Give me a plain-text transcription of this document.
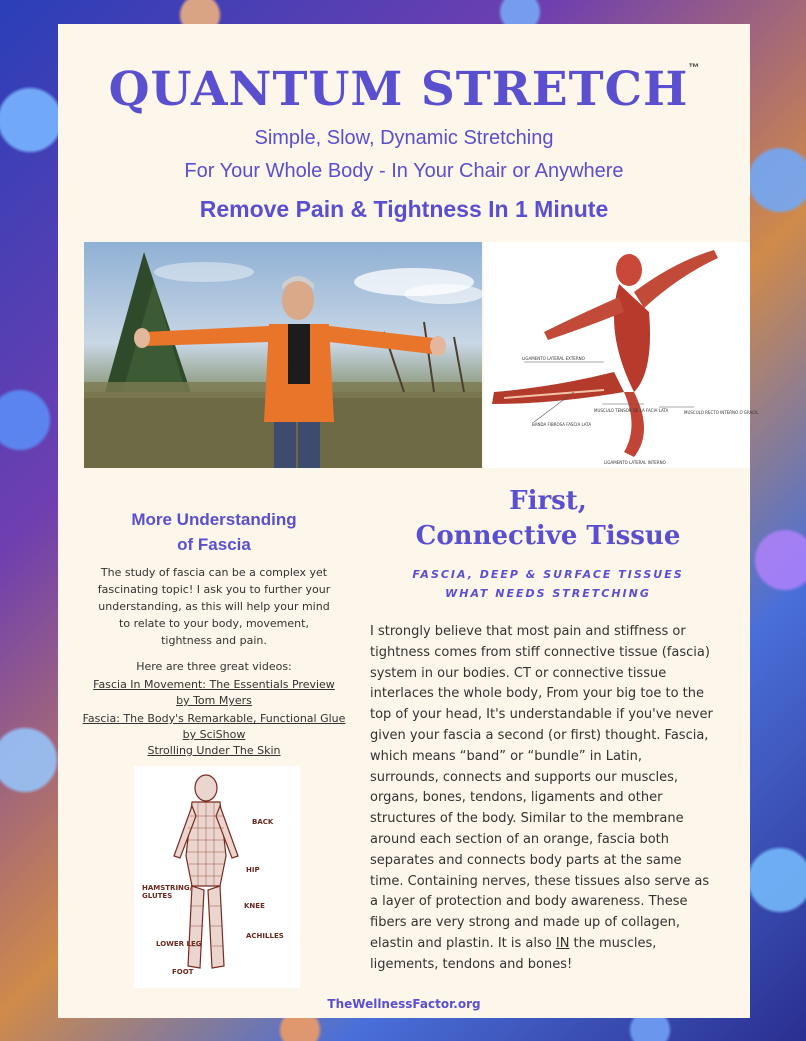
QUANTUM STRETCH™

Simple, Slow, Dynamic Stretching

For Your Whole Body - In Your Chair or Anywhere

Remove Pain & Tightness In 1 Minute

LIGAMENTO LATERAL EXTERNO
MUSCULO TENSOR DE LA FACIA LATA
BANDA FIBROSA FASCIA LATA
MUSCULO RECTO INTERNO O GRACIL
LIGAMENTO LATERAL INTERNO

More Understanding

of Fascia

The study of fascia can be a complex yet fascinating topic! I ask you to further your understanding, as this will help your mind to relate to your body, movement, tightness and pain.

Here are three great videos:

Fascia In Movement: The Essentials Preview

by Tom Myers

Fascia: The Body's Remarkable, Functional Glue

by SciShow

Strolling Under The Skin

BACK
HIP
HAMSTRING/
GLUTES
KNEE
ACHILLES
LOWER LEG
FOOT

First,

Connective Tissue

FASCIA, DEEP & SURFACE TISSUES

WHAT NEEDS STRETCHING

I strongly believe that most pain and stiffness or tightness comes from stiff connective tissue (fascia) system in our bodies. CT or connective tissue interlaces the whole body, From your big toe to the top of your head, It's understandable if you've never given your fascia a second (or first) thought. Fascia, which means “band” or “bundle” in Latin, surrounds, connects and supports our muscles, organs, bones, tendons, ligaments and other structures of the body. Similar to the membrane around each section of an orange, fascia both separates and connects body parts at the same time. Containing nerves, these tissues also serve as a layer of protection and body awareness. These fibers are very strong and made up of collagen, elastin and plastin. It is also IN the muscles, ligements, tendons and bones!

TheWellnessFactor.org
